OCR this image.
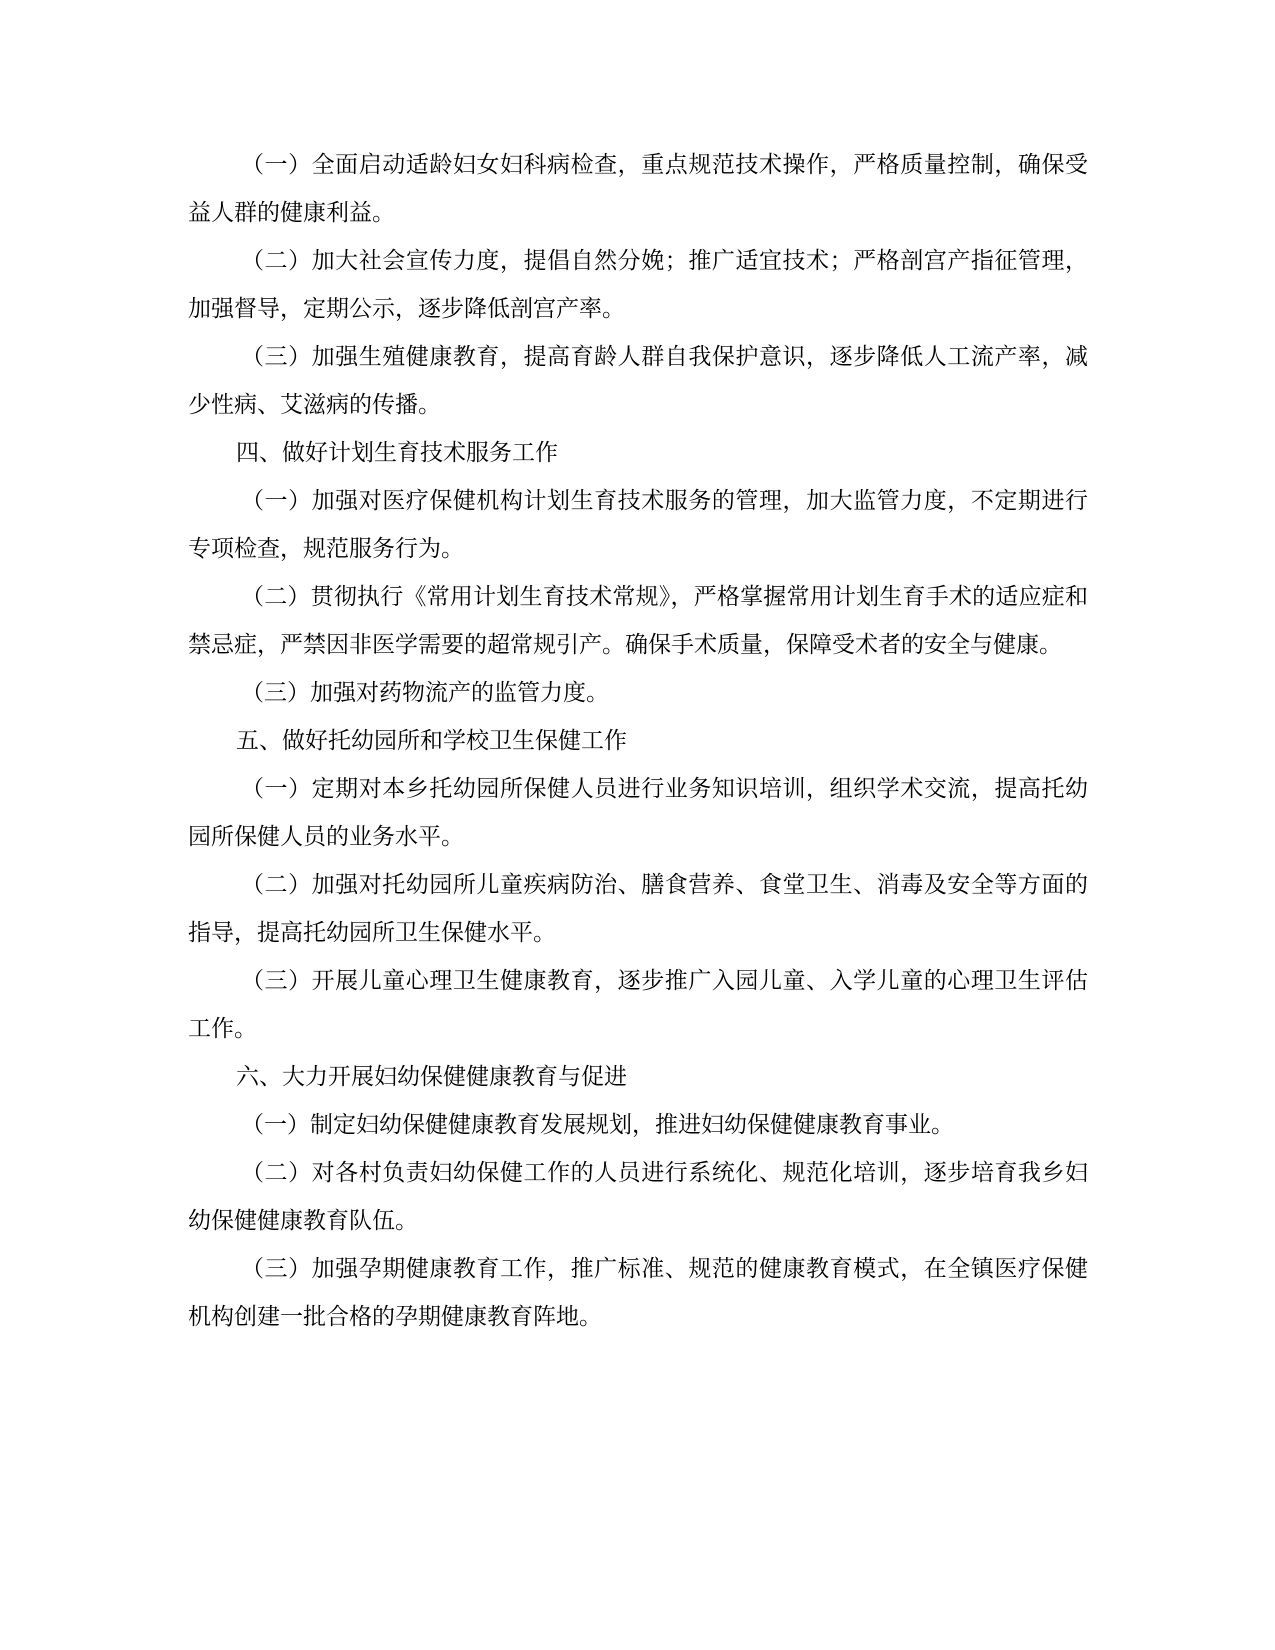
（一）全面启动适龄妇女妇科病检查，重点规范技术操作，严格质量控制，确保受益人群的健康利益。

（二）加大社会宣传力度，提倡自然分娩；推广适宜技术；严格剖宫产指征管理，加强督导，定期公示，逐步降低剖宫产率。

（三）加强生殖健康教育，提高育龄人群自我保护意识，逐步降低人工流产率，减少性病、艾滋病的传播。

四、做好计划生育技术服务工作

（一）加强对医疗保健机构计划生育技术服务的管理，加大监管力度，不定期进行专项检查，规范服务行为。

（二）贯彻执行《常用计划生育技术常规》，严格掌握常用计划生育手术的适应症和禁忌症，严禁因非医学需要的超常规引产。确保手术质量，保障受术者的安全与健康。

（三）加强对药物流产的监管力度。

五、做好托幼园所和学校卫生保健工作

（一）定期对本乡托幼园所保健人员进行业务知识培训，组织学术交流，提高托幼园所保健人员的业务水平。

（二）加强对托幼园所儿童疾病防治、膳食营养、食堂卫生、消毒及安全等方面的指导，提高托幼园所卫生保健水平。

（三）开展儿童心理卫生健康教育，逐步推广入园儿童、入学儿童的心理卫生评估工作。

六、大力开展妇幼保健健康教育与促进

（一）制定妇幼保健健康教育发展规划，推进妇幼保健健康教育事业。

（二）对各村负责妇幼保健工作的人员进行系统化、规范化培训，逐步培育我乡妇幼保健健康教育队伍。

（三）加强孕期健康教育工作，推广标准、规范的健康教育模式，在全镇医疗保健机构创建一批合格的孕期健康教育阵地。
